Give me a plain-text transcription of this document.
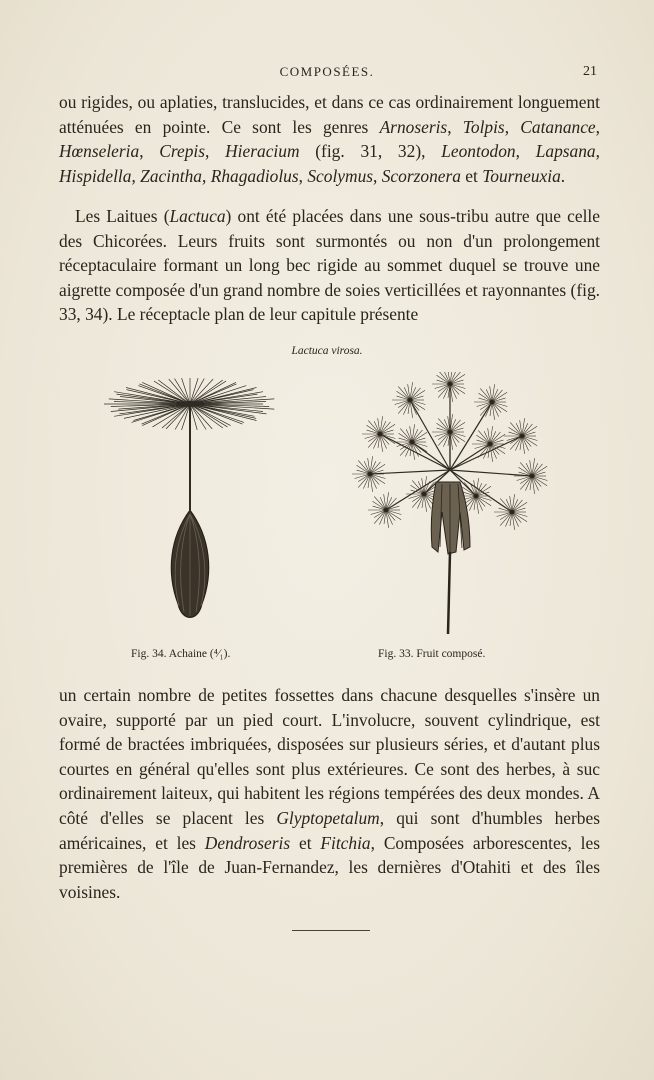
COMPOSÉES.	21

ou rigides, ou aplaties, translucides, et dans ce cas ordinairement longuement atténuées en pointe. Ce sont les genres Arnoseris, Tolpis, Catanance, Hœnseleria, Crepis, Hieracium (fig. 31, 32), Leontodon, Lapsana, Hispidella, Zacintha, Rhagadiolus, Scolymus, Scorzonera et Tourneuxia.

Les Laitues (Lactuca) ont été placées dans une sous-tribu autre que celle des Chicorées. Leurs fruits sont surmontés ou non d'un prolongement réceptaculaire formant un long bec rigide au sommet duquel se trouve une aigrette composée d'un grand nombre de soies verticillées et rayonnantes (fig. 33, 34). Le réceptacle plan de leur capitule présente

Lactuca virosa.
Fig. 34. Achaine (⁴⁄₁).	Fig. 33. Fruit composé.

un certain nombre de petites fossettes dans chacune desquelles s'insère un ovaire, supporté par un pied court. L'involucre, souvent cylindrique, est formé de bractées imbriquées, disposées sur plusieurs séries, et d'autant plus courtes en général qu'elles sont plus extérieures. Ce sont des herbes, à suc ordinairement laiteux, qui habitent les régions tempérées des deux mondes. A côté d'elles se placent les Glyptopetalum, qui sont d'humbles herbes américaines, et les Dendroseris et Fitchia, Composées arborescentes, les premières de l'île de Juan-Fernandez, les dernières d'Otahiti et des îles voisines.
